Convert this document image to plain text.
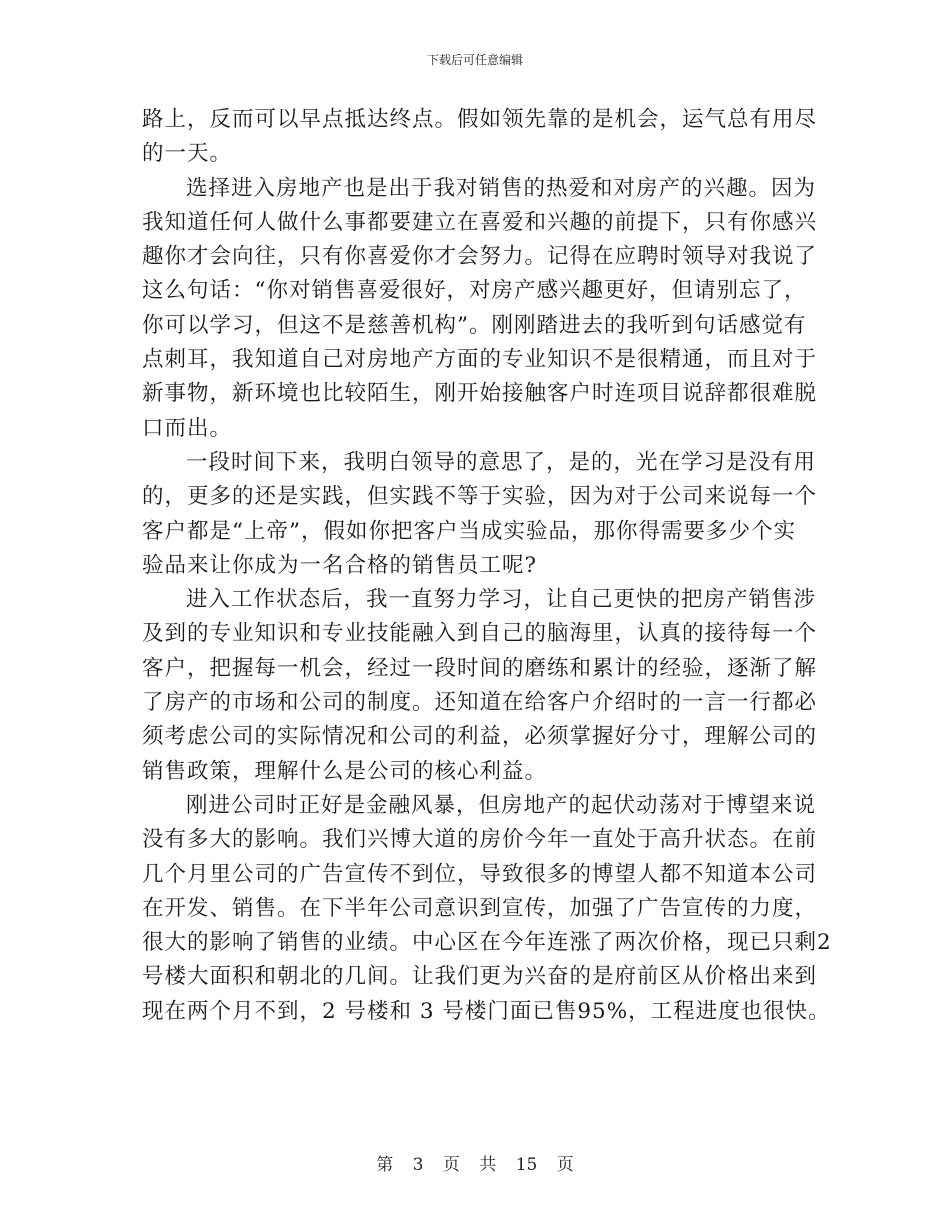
下载后可任意编辑

路上，反而可以早点抵达终点。假如领先靠的是机会，运气总有用尽
的一天。

选择进入房地产也是出于我对销售的热爱和对房产的兴趣。因为
我知道任何人做什么事都要建立在喜爱和兴趣的前提下，只有你感兴
趣你才会向往，只有你喜爱你才会努力。记得在应聘时领导对我说了
这么句话：“你对销售喜爱很好，对房产感兴趣更好，但请别忘了，
你可以学习，但这不是慈善机构”。刚刚踏进去的我听到句话感觉有
点刺耳，我知道自己对房地产方面的专业知识不是很精通，而且对于
新事物，新环境也比较陌生，刚开始接触客户时连项目说辞都很难脱
口而出。

一段时间下来，我明白领导的意思了，是的，光在学习是没有用
的，更多的还是实践，但实践不等于实验，因为对于公司来说每一个
客户都是“上帝”，假如你把客户当成实验品，那你得需要多少个实
验品来让你成为一名合格的销售员工呢?

进入工作状态后，我一直努力学习，让自己更快的把房产销售涉
及到的专业知识和专业技能融入到自己的脑海里，认真的接待每一个
客户，把握每一机会，经过一段时间的磨练和累计的经验，逐渐了解
了房产的市场和公司的制度。还知道在给客户介绍时的一言一行都必
须考虑公司的实际情况和公司的利益，必须掌握好分寸，理解公司的
销售政策，理解什么是公司的核心利益。

刚进公司时正好是金融风暴，但房地产的起伏动荡对于博望来说
没有多大的影响。我们兴博大道的房价今年一直处于高升状态。在前
几个月里公司的广告宣传不到位，导致很多的博望人都不知道本公司
在开发、销售。在下半年公司意识到宣传，加强了广告宣传的力度，
很大的影响了销售的业绩。中心区在今年连涨了两次价格，现已只剩2
号楼大面积和朝北的几间。让我们更为兴奋的是府前区从价格出来到
现在两个月不到，2 号楼和 3 号楼门面已售95%，工程进度也很快。

第 3 页 共 15 页
